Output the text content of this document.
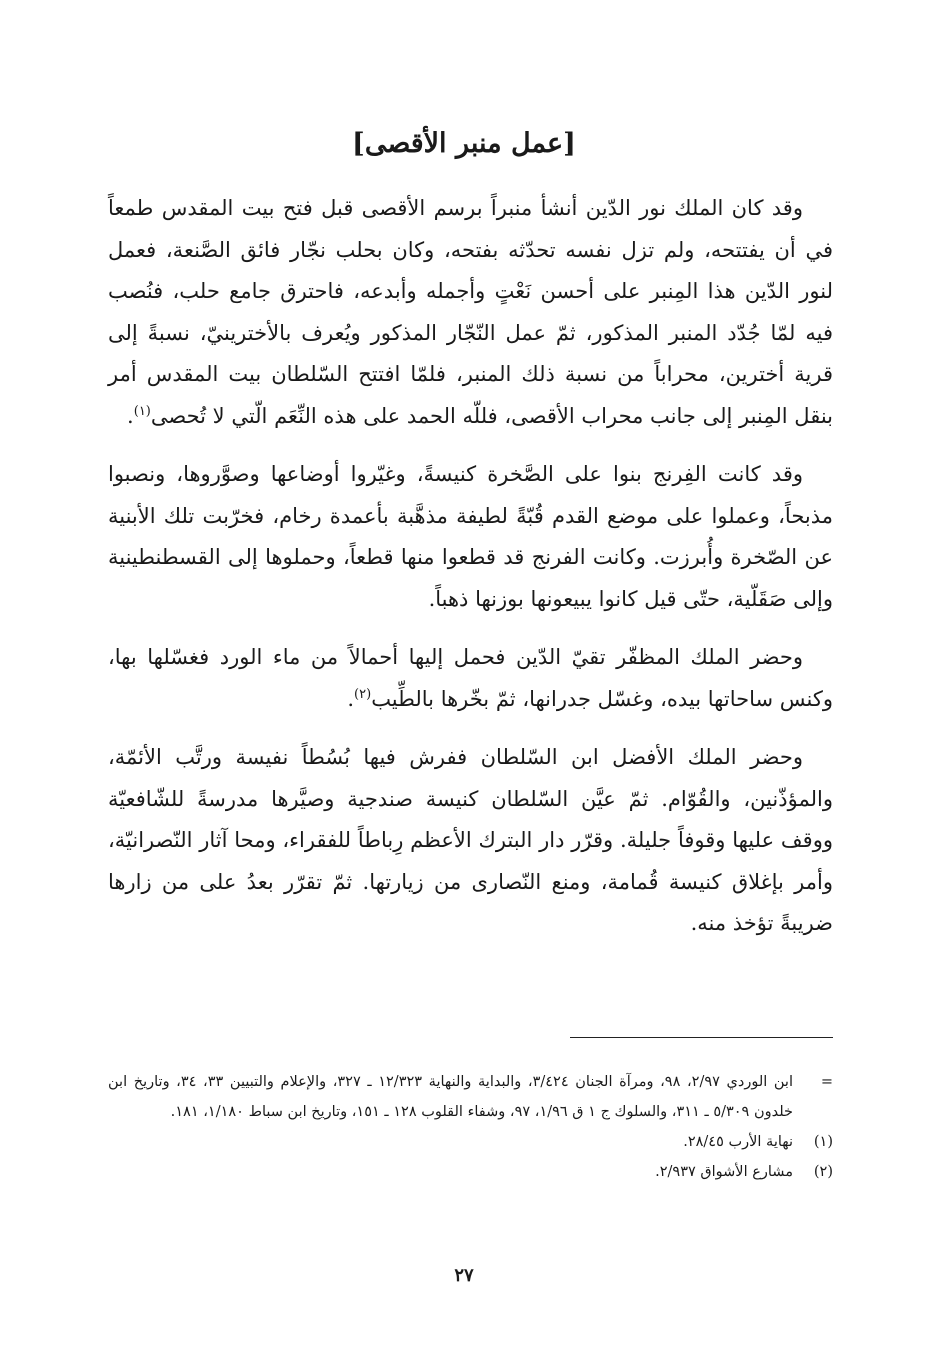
[عمل منبر الأقصى]

وقد كان الملك نور الدّين أنشأ منبراً برسم الأقصى قبل فتح بيت المقدس طمعاً في أن يفتتحه، ولم تزل نفسه تحدّثه بفتحه، وكان بحلب نجّار فائق الصَّنعة، فعمل لنور الدّين هذا المِنبر على أحسن نَعْتٍ وأجمله وأبدعه، فاحترق جامع حلب، فنُصب فيه لمّا جُدّد المنبر المذكور، ثمّ عمل النّجّار المذكور ويُعرف بالأخترينيّ، نسبةً إلى قرية أخترين، محراباً من نسبة ذلك المنبر، فلمّا افتتح السّلطان بيت المقدس أمر بنقل المِنبر إلى جانب محراب الأقصى، فللّه الحمد على هذه النِّعَم الّتي لا تُحصى$^{(١)}$.

وقد كانت الفِرنج بنوا على الصَّخرة كنيسةً، وغيّروا أوضاعها وصوَّروها، ونصبوا مذبحاً، وعملوا على موضع القدم قُبّةً لطيفة مذهَّبة بأعمدة رخام، فخرّبت تلك الأبنية عن الصّخرة وأُبرزت. وكانت الفرنج قد قطعوا منها قطعاً، وحملوها إلى القسطنطينية وإلى صَقَلّية، حتّى قيل كانوا يبيعونها بوزنها ذهباً.

وحضر الملك المظفّر تقيّ الدّين فحمل إليها أحمالاً من ماء الورد فغسّلها بها، وكنس ساحاتها بيده، وغسّل جدرانها، ثمّ بخّرها بالطِّيب$^{(٢)}$.

وحضر الملك الأفضل ابن السّلطان ففرش فيها بُسُطاً نفيسة ورتَّب الأئمّة، والمؤذّنين، والقُوّام. ثمّ عيَّن السّلطان كنيسة صندجية وصيَّرها مدرسةً للشّافعيّة ووقف عليها وقوفاً جليلة. وقرّر دار البترك الأعظم رِباطاً للفقراء، ومحا آثار النّصرانيّة، وأمر بإغلاق كنيسة قُمامة، ومنع النّصارى من زيارتها. ثمّ تقرّر بعدُ على من زارها ضريبةً تؤخذ منه.

=
ابن الوردي ٢/٩٧، ٩٨، ومرآة الجنان ٣/٤٢٤، والبداية والنهاية ١٢/٣٢٣ ـ ٣٢٧، والإعلام والتبيين ٣٣، ٣٤، وتاريخ ابن خلدون ٥/٣٠٩ ـ ٣١١، والسلوك ج ١ ق ١/٩٦، ٩٧، وشفاء القلوب ١٢٨ ـ ١٥١، وتاريخ ابن سباط ١/١٨٠، ١٨١.
(١)
نهاية الأرب ٢٨/٤٥.
(٢)
مشارع الأشواق ٢/٩٣٧.
٢٧
